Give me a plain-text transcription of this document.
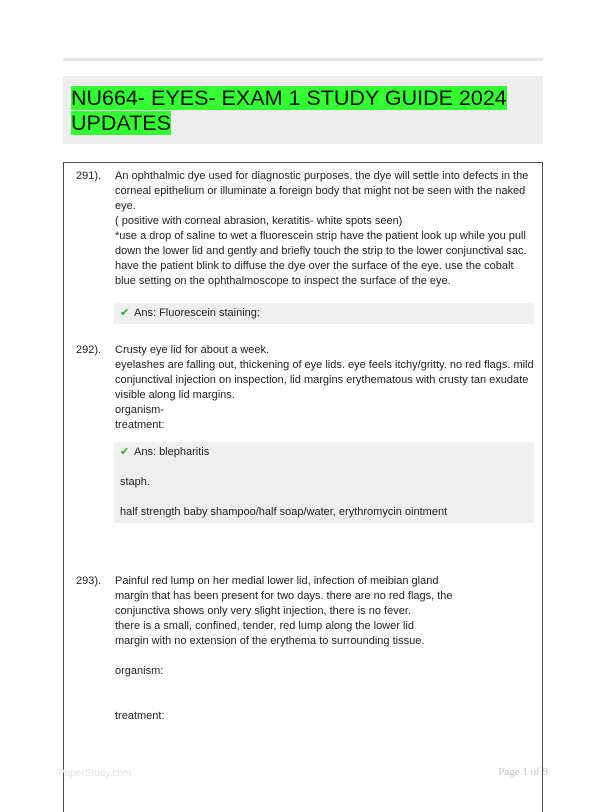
NU664- EYES- EXAM 1 STUDY GUIDE 2024 UPDATES
291). An ophthalmic dye used for diagnostic purposes. the dye will settle into defects in the corneal epithelium or illuminate a foreign body that might not be seen with the naked eye.

( positive with corneal abrasion, keratitis- white spots seen)

*use a drop of saline to wet a fluorescein strip have the patient look up while you pull down the lower lid and gently and briefly touch the strip to the lower conjunctival sac. have the patient blink to diffuse the dye over the surface of the eye. use the cobalt blue setting on the ophthalmoscope to inspect the surface of the eye.

✔ Ans: Fluorescein staining:

292). Crusty eye lid for about a week.

eyelashes are falling out, thickening of eye lids. eye feels itchy/gritty. no red flags. mild conjunctival injection on inspection, lid margins erythematous with crusty tan exudate visible along lid margins.

organism-

treatment:

✔ Ans: blepharitis

staph.

half strength baby shampoo/half soap/water, erythromycin ointment

293). Painful red lump on her medial lower lid, infection of meibian gland

margin that has been present for two days. there are no red flags, the

conjunctiva shows only very slight injection, there is no fever.

there is a small, confined, tender, red lump along the lower lid

margin with no extension of the erythema to surrounding tissue.

organism:

treatment:

PaperStudy.com	Page 1 of 9
